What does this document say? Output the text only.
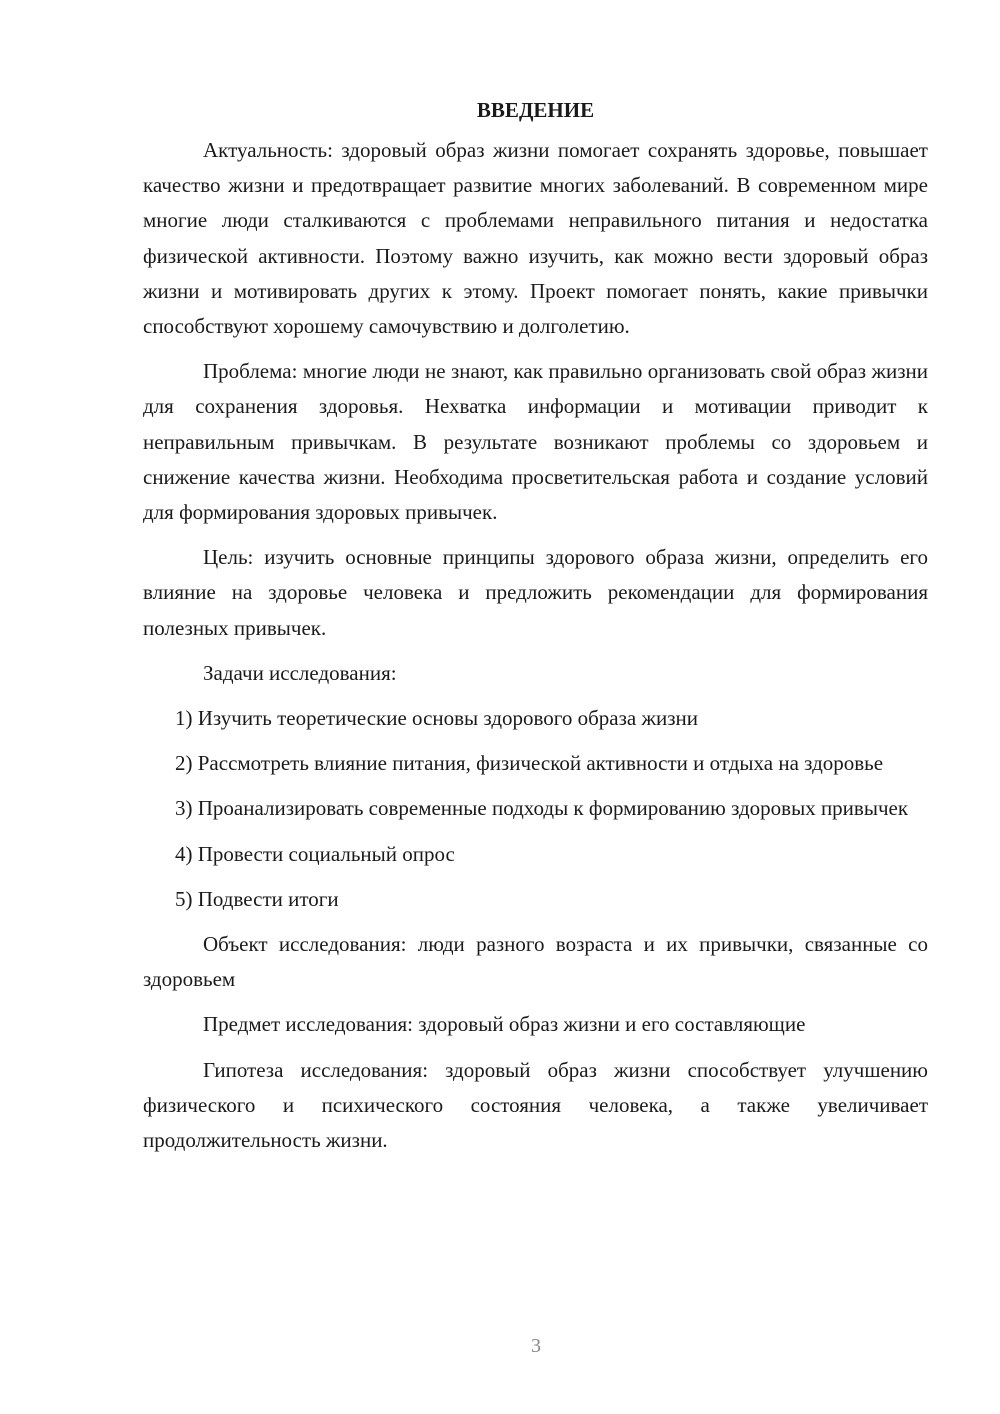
ВВЕДЕНИЕ

Актуальность: здоровый образ жизни помогает сохранять здоровье, повышает качество жизни и предотвращает развитие многих заболеваний. В современном мире многие люди сталкиваются с проблемами неправильного питания и недостатка физической активности. Поэтому важно изучить, как можно вести здоровый образ жизни и мотивировать других к этому. Проект помогает понять, какие привычки способствуют хорошему самочувствию и долголетию.

Проблема: многие люди не знают, как правильно организовать свой образ жизни для сохранения здоровья. Нехватка информации и мотивации приводит к неправильным привычкам. В результате возникают проблемы со здоровьем и снижение качества жизни. Необходима просветительская работа и создание условий для формирования здоровых привычек.

Цель: изучить основные принципы здорового образа жизни, определить его влияние на здоровье человека и предложить рекомендации для формирования полезных привычек.

Задачи исследования:

1) Изучить теоретические основы здорового образа жизни

2) Рассмотреть влияние питания, физической активности и отдыха на здоровье

3) Проанализировать современные подходы к формированию здоровых привычек

4) Провести социальный опрос

5) Подвести итоги

Объект исследования: люди разного возраста и их привычки, связанные со здоровьем

Предмет исследования: здоровый образ жизни и его составляющие

Гипотеза исследования: здоровый образ жизни способствует улучшению физического и психического состояния человека, а также увеличивает продолжительность жизни.

3
